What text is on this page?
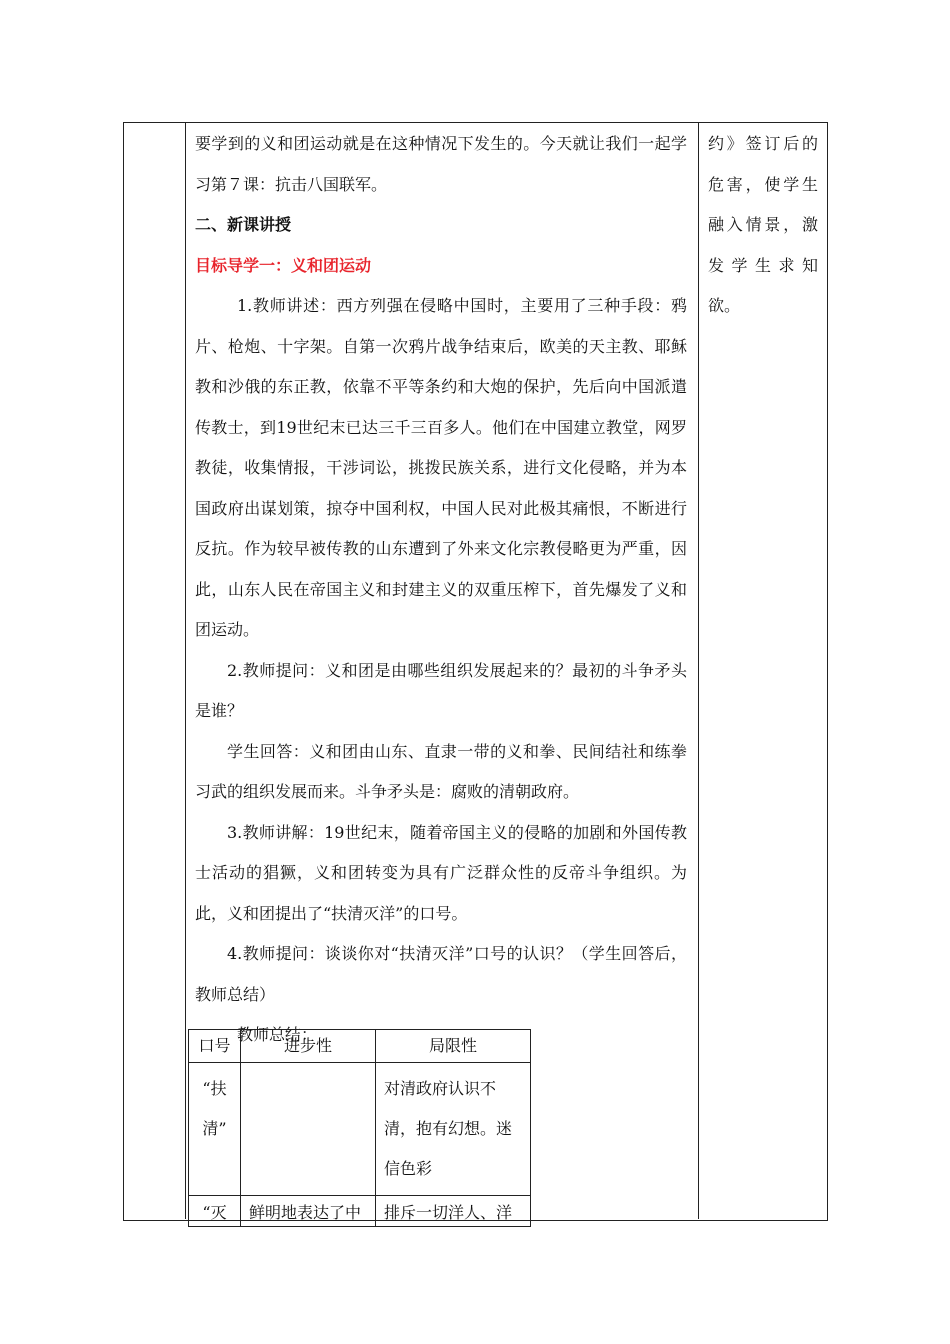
要学到的义和团运动就是在这种情况下发生的。今天就让我们一起学习第７课：抗击八国联军。

二、新课讲授

目标导学一：义和团运动

1.教师讲述：西方列强在侵略中国时，主要用了三种手段：鸦片、枪炮、十字架。自第一次鸦片战争结束后，欧美的天主教、耶稣教和沙俄的东正教，依靠不平等条约和大炮的保护，先后向中国派遣传教士，到19世纪末已达三千三百多人。他们在中国建立教堂，网罗教徒，收集情报，干涉词讼，挑拨民族关系，进行文化侵略，并为本国政府出谋划策，掠夺中国利权，中国人民对此极其痛恨，不断进行反抗。作为较早被传教的山东遭到了外来文化宗教侵略更为严重，因此，山东人民在帝国主义和封建主义的双重压榨下，首先爆发了义和团运动。

2.教师提问：义和团是由哪些组织发展起来的？最初的斗争矛头是谁？

学生回答：义和团由山东、直隶一带的义和拳、民间结社和练拳习武的组织发展而来。斗争矛头是：腐败的清朝政府。

3.教师讲解：19世纪末，随着帝国主义的侵略的加剧和外国传教士活动的猖獗，义和团转变为具有广泛群众性的反帝斗争组织。为此，义和团提出了“扶清灭洋”的口号。

4.教师提问：谈谈你对“扶清灭洋”口号的认识？（学生回答后，教师总结）

教师总结：

约》签订后的
危害，使学生
融入情景，激
发学生求知
欲。
口号	进步性	局限性
“扶清”		对清政府认识不清，抱有幻想。迷信色彩
“灭	鲜明地表达了中	排斥一切洋人、洋
